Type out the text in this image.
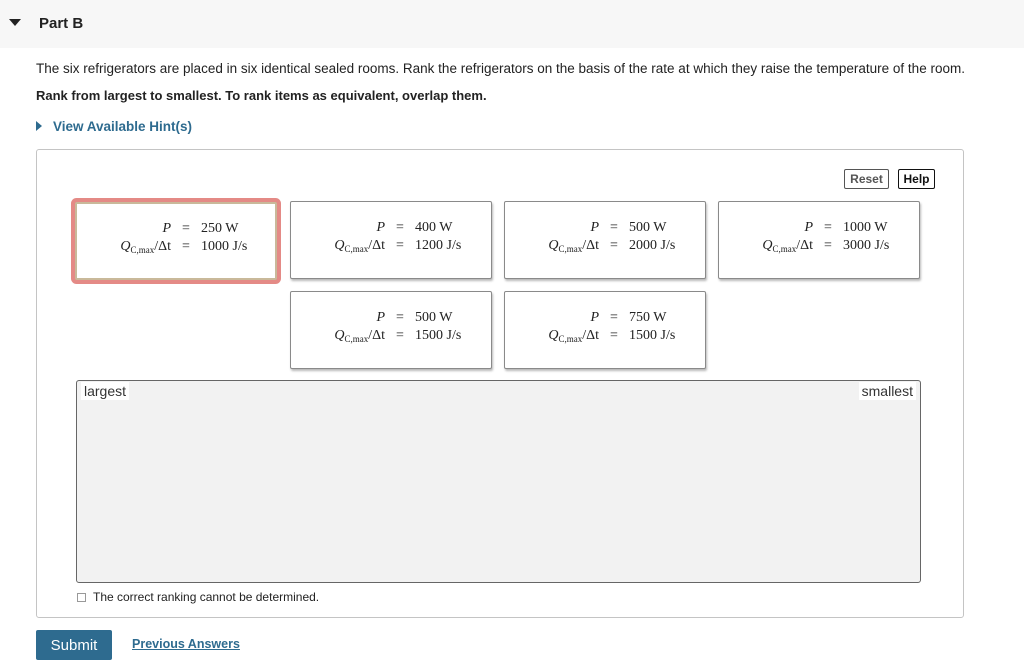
Part B
The six refrigerators are placed in six identical sealed rooms. Rank the refrigerators on the basis of the rate at which they raise the temperature of the room.
Rank from largest to smallest. To rank items as equivalent, overlap them.
View Available Hint(s)
Reset	Help
P = 250 W
$Q_{C,max}/\Delta t = 1000$ J/s
P = 400 W
$Q_{C,max}/\Delta t = 1200$ J/s
P = 500 W
$Q_{C,max}/\Delta t = 2000$ J/s
P = 1000 W
$Q_{C,max}/\Delta t = 3000$ J/s
P = 500 W
$Q_{C,max}/\Delta t = 1500$ J/s
P = 750 W
$Q_{C,max}/\Delta t = 1500$ J/s
largest	smallest
The correct ranking cannot be determined.
Submit	Previous Answers
